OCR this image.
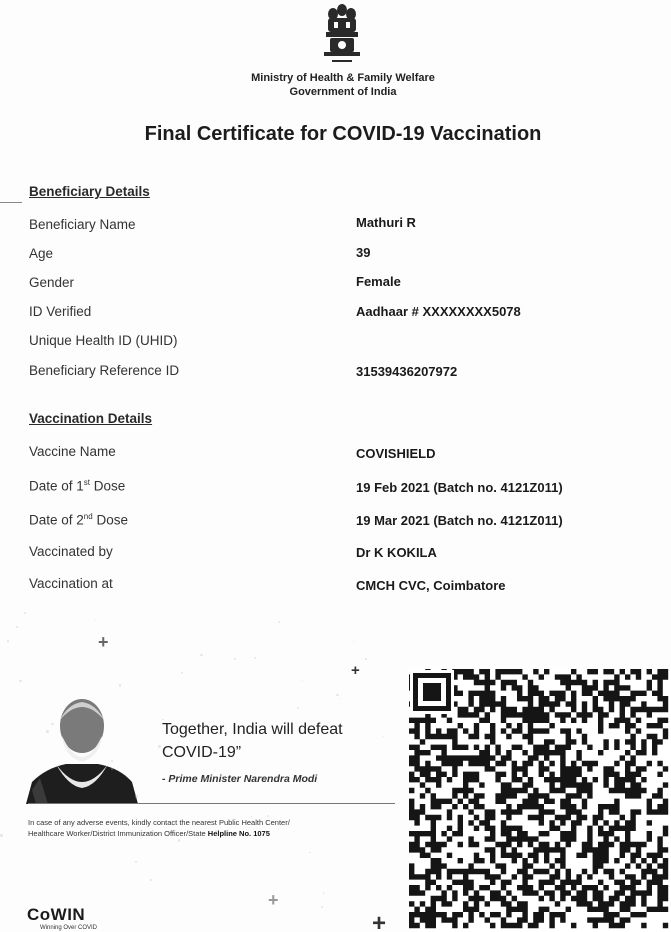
Ministry of Health & Family Welfare
Government of India
Final Certificate for COVID-19 Vaccination
Beneficiary Details
Beneficiary Name	Mathuri R
Age	39
Gender	Female
ID Verified	Aadhaar # XXXXXXXX5078
Unique Health ID (UHID)
Beneficiary Reference ID	31539436207972
Vaccination Details
Vaccine Name	COVISHIELD
Date of 1st Dose	19 Feb 2021 (Batch no. 4121Z011)
Date of 2nd Dose	19 Mar 2021 (Batch no. 4121Z011)
Vaccinated by	Dr K KOKILA
Vaccination at	CMCH CVC, Coimbatore
+
+
+
+
Together, India will defeat
COVID-19”
- Prime Minister Narendra Modi
In case of any adverse events, kindly contact the nearest Public Health Center/
Healthcare Worker/District Immunization Officer/State Helpline No. 1075
CoWIN
Winning Over COVID
